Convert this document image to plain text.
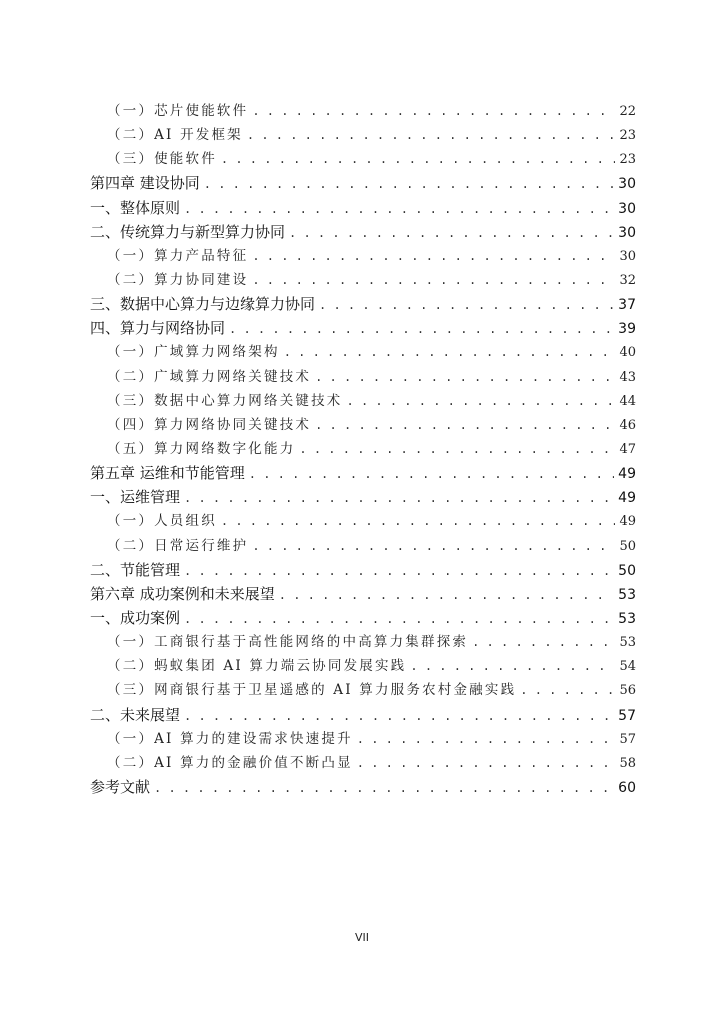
（一）芯片使能软件 . . .	22
（二）AI 开发框架 . . .	23
（三）使能软件 . . .	23
第四章 建设协同 . . .	30
一、整体原则 . . .	30
二、传统算力与新型算力协同 . . .	30
（一）算力产品特征 . . .	30
（二）算力协同建设 . . .	32
三、数据中心算力与边缘算力协同 . . .	37
四、算力与网络协同 . . .	39
（一）广域算力网络架构 . . .	40
（二）广域算力网络关键技术 . . .	43
（三）数据中心算力网络关键技术 . . .	44
（四）算力网络协同关键技术 . . .	46
（五）算力网络数字化能力 . . .	47
第五章 运维和节能管理 . . .	49
一、运维管理 . . .	49
（一）人员组织 . . .	49
（二）日常运行维护 . . .	50
二、节能管理 . . .	50
第六章 成功案例和未来展望 . . .	53
一、成功案例 . . .	53
（一）工商银行基于高性能网络的中高算力集群探索 . . .	53
（二）蚂蚁集团 AI 算力端云协同发展实践 . . .	54
（三）网商银行基于卫星遥感的 AI 算力服务农村金融实践 . . .	56
二、未来展望 . . .	57
（一）AI 算力的建设需求快速提升 . . .	57
（二）AI 算力的金融价值不断凸显 . . .	58
参考文献 . . .	60
VII
